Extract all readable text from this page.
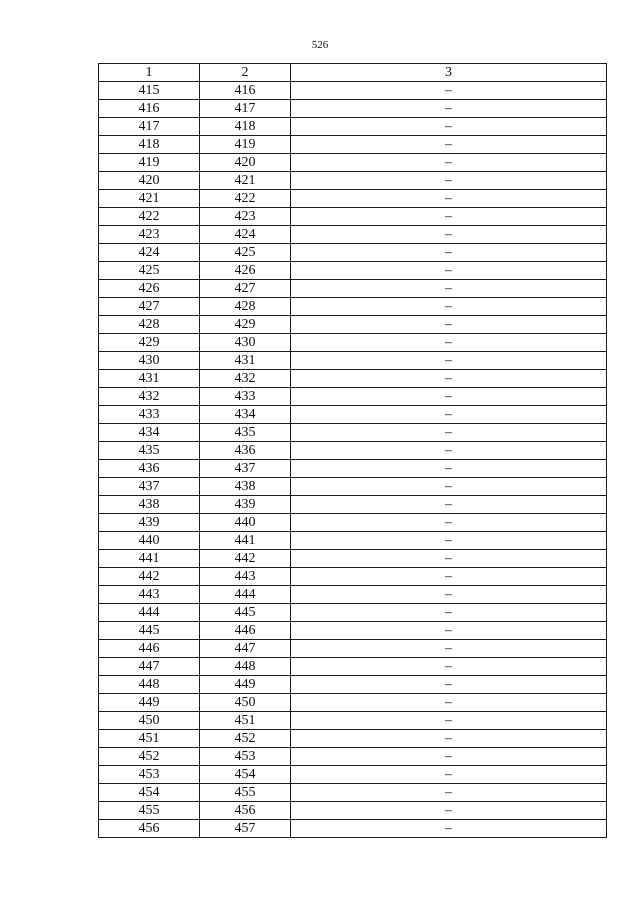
526
1	2	3
415	416	–
416	417	–
417	418	–
418	419	–
419	420	–
420	421	–
421	422	–
422	423	–
423	424	–
424	425	–
425	426	–
426	427	–
427	428	–
428	429	–
429	430	–
430	431	–
431	432	–
432	433	–
433	434	–
434	435	–
435	436	–
436	437	–
437	438	–
438	439	–
439	440	–
440	441	–
441	442	–
442	443	–
443	444	–
444	445	–
445	446	–
446	447	–
447	448	–
448	449	–
449	450	–
450	451	–
451	452	–
452	453	–
453	454	–
454	455	–
455	456	–
456	457	–
